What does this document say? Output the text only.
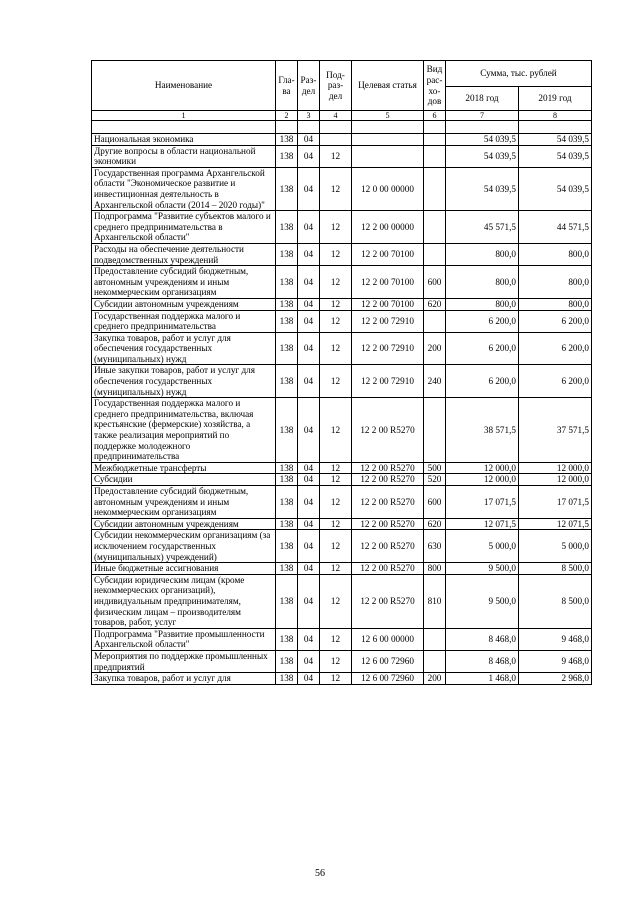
Наименование	Гла-ва	Раз-дел	Под-раз-дел	Целевая статья	Вид рас-хо-дов	Сумма, тыс. рублей	
						2018 год	2019 год
1	2	3	4	5	6	7	8

Национальная экономика	138	04				54 039,5	54 039,5
Другие вопросы в области национальной экономики	138	04	12			54 039,5	54 039,5
Государственная программа Архангельской области "Экономическое развитие и инвестиционная деятельность в Архангельской области (2014 – 2020 годы)"	138	04	12	12 0 00 00000		54 039,5	54 039,5
Подпрограмма "Развитие субъектов малого и среднего предпринимательства в Архангельской области"	138	04	12	12 2 00 00000		45 571,5	44 571,5
Расходы на обеспечение деятельности подведомственных учреждений	138	04	12	12 2 00 70100		800,0	800,0
Предоставление субсидий бюджетным, автономным учреждениям и иным некоммерческим организациям	138	04	12	12 2 00 70100	600	800,0	800,0
Субсидии автономным учреждениям	138	04	12	12 2 00 70100	620	800,0	800,0
Государственная поддержка малого и среднего предпринимательства	138	04	12	12 2 00 72910		6 200,0	6 200,0
Закупка товаров, работ и услуг для обеспечения государственных (муниципальных) нужд	138	04	12	12 2 00 72910	200	6 200,0	6 200,0
Иные закупки товаров, работ и услуг для обеспечения государственных (муниципальных) нужд	138	04	12	12 2 00 72910	240	6 200,0	6 200,0
Государственная поддержка малого и среднего предпринимательства, включая крестьянские (фермерские) хозяйства, а также реализация мероприятий по поддержке молодежного предпринимательства	138	04	12	12 2 00 R5270		38 571,5	37 571,5
Межбюджетные трансферты	138	04	12	12 2 00 R5270	500	12 000,0	12 000,0
Субсидии	138	04	12	12 2 00 R5270	520	12 000,0	12 000,0
Предоставление субсидий бюджетным, автономным учреждениям и иным некоммерческим организациям	138	04	12	12 2 00 R5270	600	17 071,5	17 071,5
Субсидии автономным учреждениям	138	04	12	12 2 00 R5270	620	12 071,5	12 071,5
Субсидии некоммерческим организациям (за исключением государственных (муниципальных) учреждений)	138	04	12	12 2 00 R5270	630	5 000,0	5 000,0
Иные бюджетные ассигнования	138	04	12	12 2 00 R5270	800	9 500,0	8 500,0
Субсидии юридическим лицам (кроме некоммерческих организаций), индивидуальным предпринимателям, физическим лицам – производителям товаров, работ, услуг	138	04	12	12 2 00 R5270	810	9 500,0	8 500,0
Подпрограмма "Развитие промышленности Архангельской области"	138	04	12	12 6 00 00000		8 468,0	9 468,0
Мероприятия по поддержке промышленных предприятий	138	04	12	12 6 00 72960		8 468,0	9 468,0
Закупка товаров, работ и услуг для	138	04	12	12 6 00 72960	200	1 468,0	2 968,0
56
